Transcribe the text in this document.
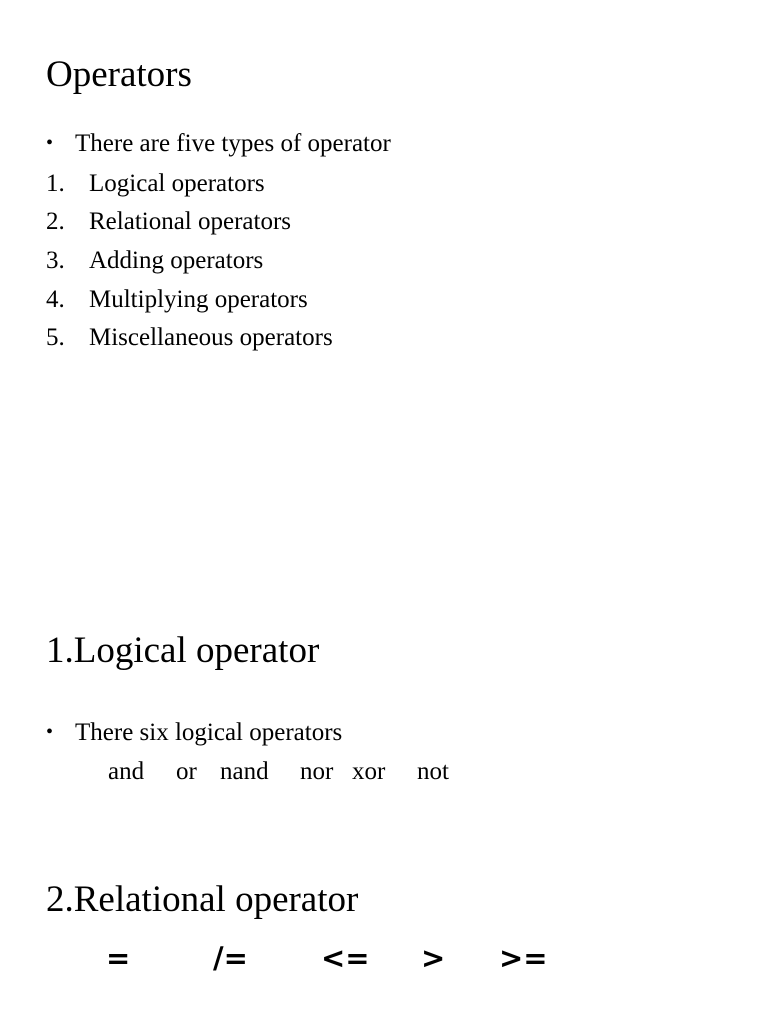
Operators
• There are five types of operator
1. Logical operators
2. Relational operators
3. Adding operators
4. Multiplying operators
5. Miscellaneous operators
1.Logical operator
• There six logical operators
and or nand nor xor not
2.Relational operator
=	/=	<= > >=
